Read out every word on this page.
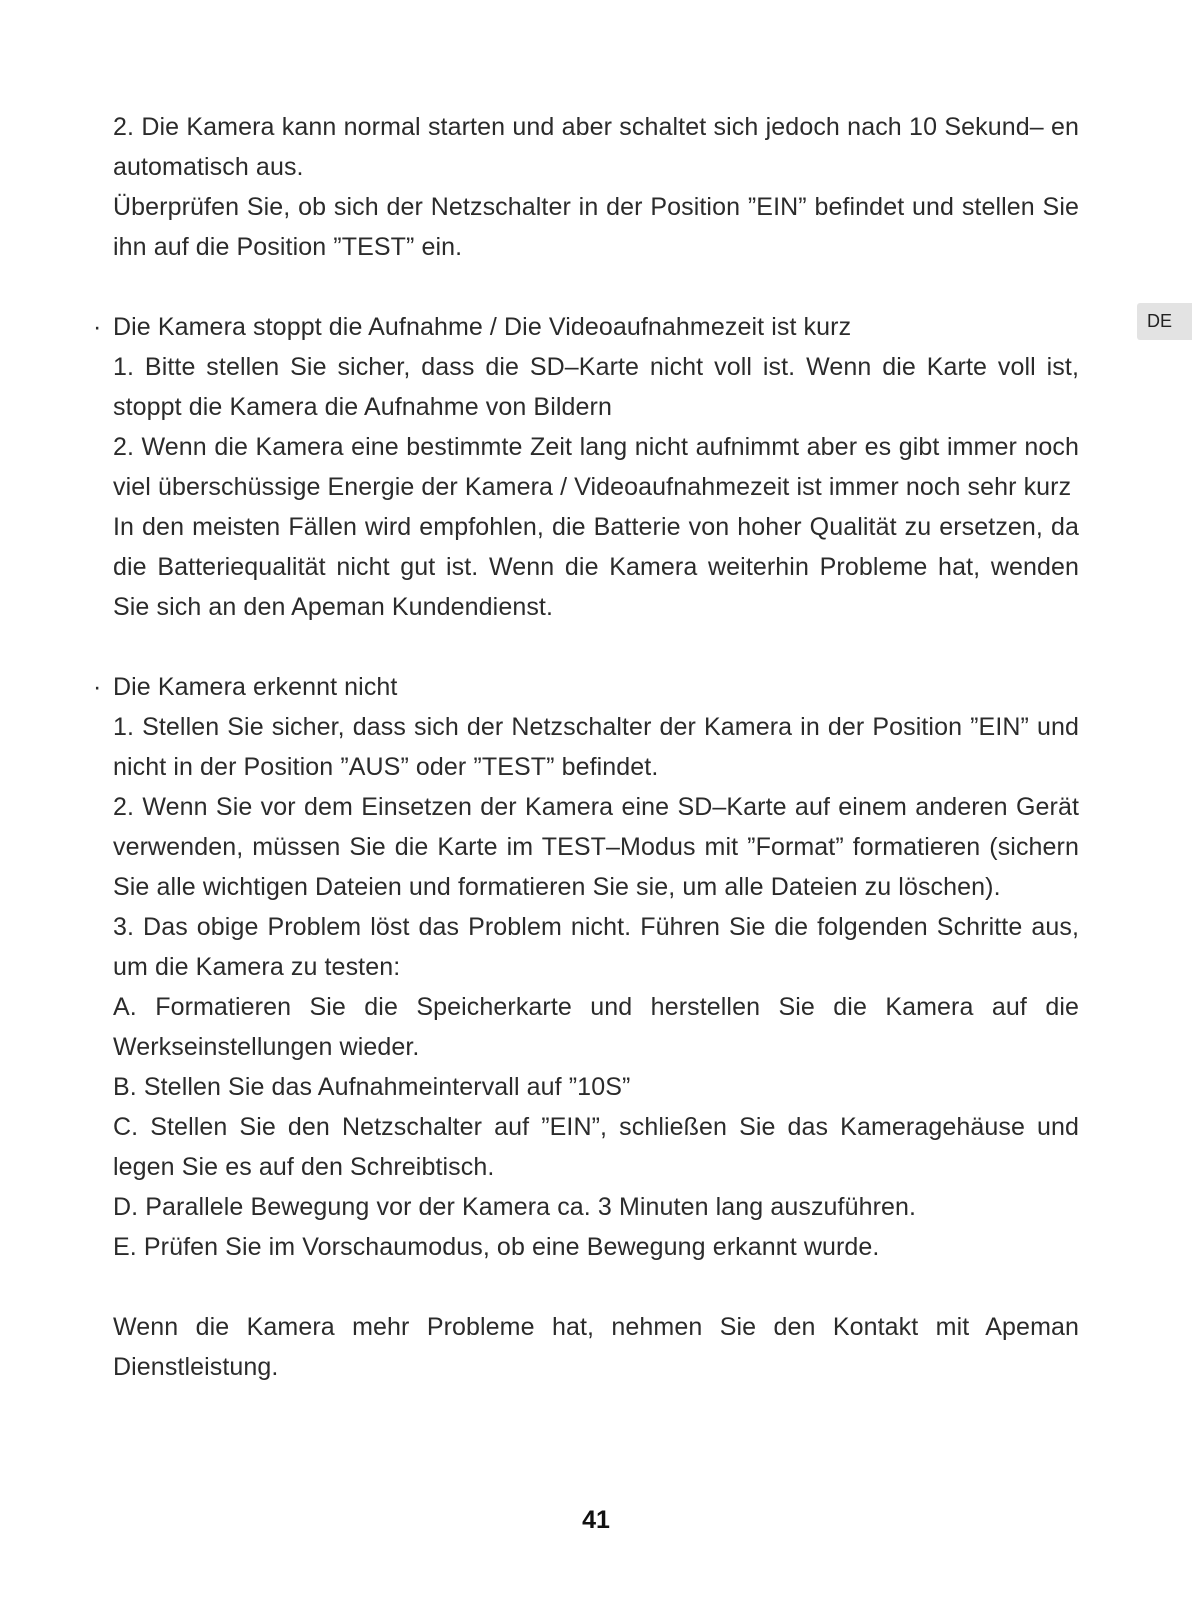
DE

2. Die Kamera kann normal starten und aber schaltet sich jedoch nach 10 Sekund– en automatisch aus.

Überprüfen Sie, ob sich der Netzschalter in der Position ”EIN” befindet und stellen Sie ihn auf die Position ”TEST” ein.

· Die Kamera stoppt die Aufnahme / Die Videoaufnahmezeit ist kurz

1. Bitte stellen Sie sicher, dass die SD–Karte nicht voll ist. Wenn die Karte voll ist, stoppt die Kamera die Aufnahme von Bildern

2. Wenn die Kamera eine bestimmte Zeit lang nicht aufnimmt aber es gibt immer noch viel überschüssige Energie der Kamera / Videoaufnahmezeit ist immer noch sehr kurz

In den meisten Fällen wird empfohlen, die Batterie von hoher Qualität zu ersetzen, da die Batteriequalität nicht gut ist. Wenn die Kamera weiterhin Probleme hat, wenden Sie sich an den Apeman Kundendienst.

· Die Kamera erkennt nicht

1. Stellen Sie sicher, dass sich der Netzschalter der Kamera in der Position ”EIN” und nicht in der Position ”AUS” oder ”TEST” befindet.

2. Wenn Sie vor dem Einsetzen der Kamera eine SD–Karte auf einem anderen Gerät verwenden, müssen Sie die Karte im TEST–Modus mit ”Format” formatieren (sichern Sie alle wichtigen Dateien und formatieren Sie sie, um alle Dateien zu löschen).

3. Das obige Problem löst das Problem nicht. Führen Sie die folgenden Schritte aus, um die Kamera zu testen:

A. Formatieren Sie die Speicherkarte und herstellen Sie die Kamera auf die Werkseinstellungen wieder.

B. Stellen Sie das Aufnahmeintervall auf ”10S”

C. Stellen Sie den Netzschalter auf ”EIN”, schließen Sie das Kameragehäuse und legen Sie es auf den Schreibtisch.

D. Parallele Bewegung vor der Kamera ca. 3 Minuten lang auszuführen.

E. Prüfen Sie im Vorschaumodus, ob eine Bewegung erkannt wurde.

Wenn die Kamera mehr Probleme hat, nehmen Sie den Kontakt mit Apeman Dienstleistung.

41
